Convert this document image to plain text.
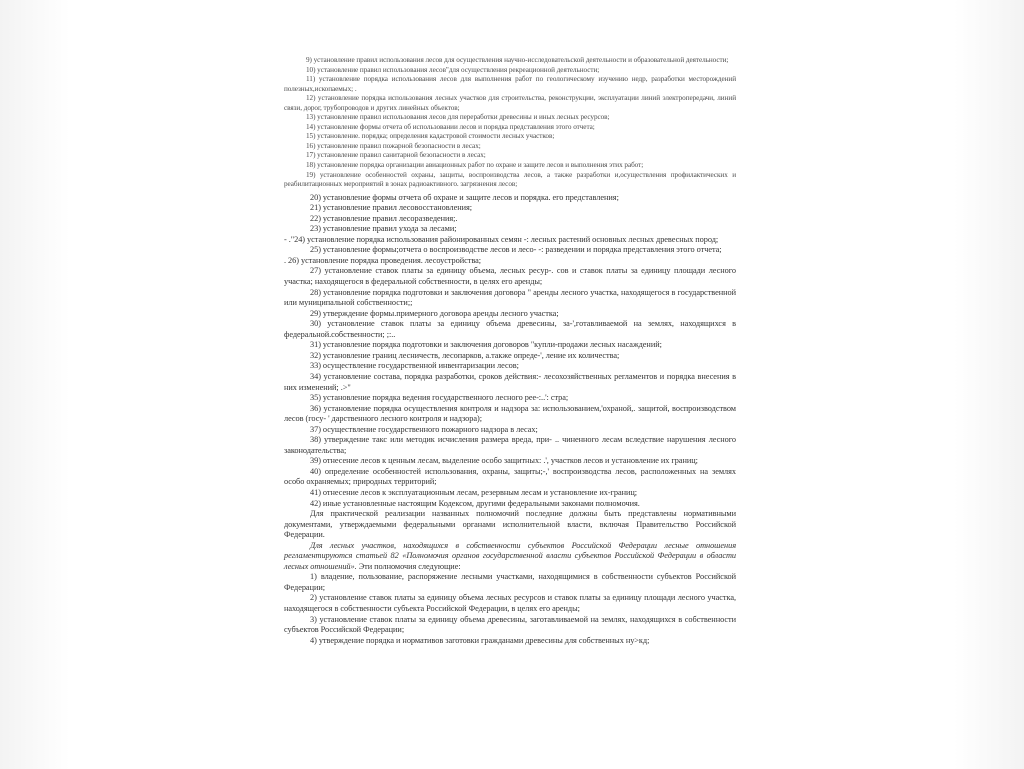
9) установление правил использования лесов для осуществления научно-исследовательской деятельности и образовательной деятельности;

10) установление правил использования лесов"для осуществления рекреационной деятельности;

11) установление порядка использования лесов для выполнения работ по геологическому изучению недр, разработки месторождений полезных,ископаемых; .

12) установление порядка использования лесных участков для строительства, реконструкции, эксплуатации линий электропередачи, линий связи, дорог, трубопроводов и других линейных объектов;

13) установление правил использования лесов для переработки древесины и иных лесных ресурсов;

14) установление формы отчета об использовании лесов и порядка представления этого отчета;

15) установление. порядка; определения кадастровой стоимости лесных участков;

16) установление правил пожарной безопасности в лесах;

17) установление правил санитарной безопасности в лесах;

18) установление порядка организации авиационных работ по охране и защите лесов и выполнения этих работ;

19) установление особенностей охраны, защиты, воспроизводства лесов, а также разработки и,осуществления профилактических и реабилитационных мероприятий в зонах радиоактивного. загрязнения лесов;

20) установление формы отчета об охране и защите лесов и порядка. его представления;

21) установление правил лесовосстановления;

22) установление правил лесоразведения;.

23) установление правил ухода за лесами;

- ."24) установление порядка использования районированных семян -: лесных растений основных лесных древесных пород;

25) установление формы;отчета о воспроизводстве лесов и лесо- -: разведении и порядка представления этого отчета;

. 26) установление порядка проведения. лесоустройства;

27) установление ставок платы за единицу объема, лесных ресур-. сов и ставок платы за единицу площади лесного участка; находящегося в федеральной собственности, в целях его аренды;

28) установление порядка подготовки и заключения договора " аренды лесного участка, находящегося в государственной или муниципальной собственности;;

29) утверждение формы.примерного договора аренды лесного участка;

30) установление ставок платы за единицу объема древесины, за-',готавливаемой на землях, находящихся в федеральной.собственности; ;:..

31) установление порядка подготовки и заключения договоров "купли-продажи лесных насаждений;

32) установление границ лесничеств, лесопарков, а.также опреде-', ление их количества;

33) осуществление государственной инвентаризации лесов;

34) установление состава, порядка разработки, сроков действия:- лесохозяйственных регламентов и порядка внесения в них изменений; .>"

35) установление порядка ведения государственного лесного рее-:..': стра;

36) установление порядка осуществления контроля и надзора за: использованием,'охраной,. защитой, воспроизводством лесов (госу- ' дарственного лесного контроля и надзора);

37) осуществление государственного пожарного надзора в лесах;

38) утверждение такс или методик исчисления размера вреда, при- .. чиненного лесам вследствие нарушения лесного законодательства;

39) отнесение лесов к ценным лесам, выделение особо защитных: .', участков лесов и установление их границ;

40) определение особенностей использования, охраны, защиты;-,' воспроизводства лесов, расположенных на землях особо охраняемых; природных территорий;

41) отнесение лесов к эксплуатационным лесам, резервным лесам и установление их-границ;

42) иные установленные настоящим Кодексом, другими федеральными законами полномочия.

Для практической реализации названных полномочий последние должны быть представлены нормативными документами, утверждаемыми федеральными органами исполнительной власти, включая Правительство Российской Федерации.

Для лесных участков, находящихся в собственности субъектов Российской Федерации лесные отношения регламентируются статьей 82 «Полномочия органов государственной власти субъектов Российской Федерации в области лесных отношений». Эти полномочия следующие:

1) владение, пользование, распоряжение лесными участками, находящимися в собственности субъектов Российской Федерации;

2) установление ставок платы за единицу объема лесных ресурсов и ставок платы за единицу площади лесного участка, находящегося в собственности субъекта Российской Федерации, в целях его аренды;

3) установление ставок платы за единицу объема древесины, заготавливаемой на землях, находящихся в собственности субъектов Российской Федерации;

4) утверждение порядка и нормативов заготовки гражданами древесины для собственных ну>кд;
